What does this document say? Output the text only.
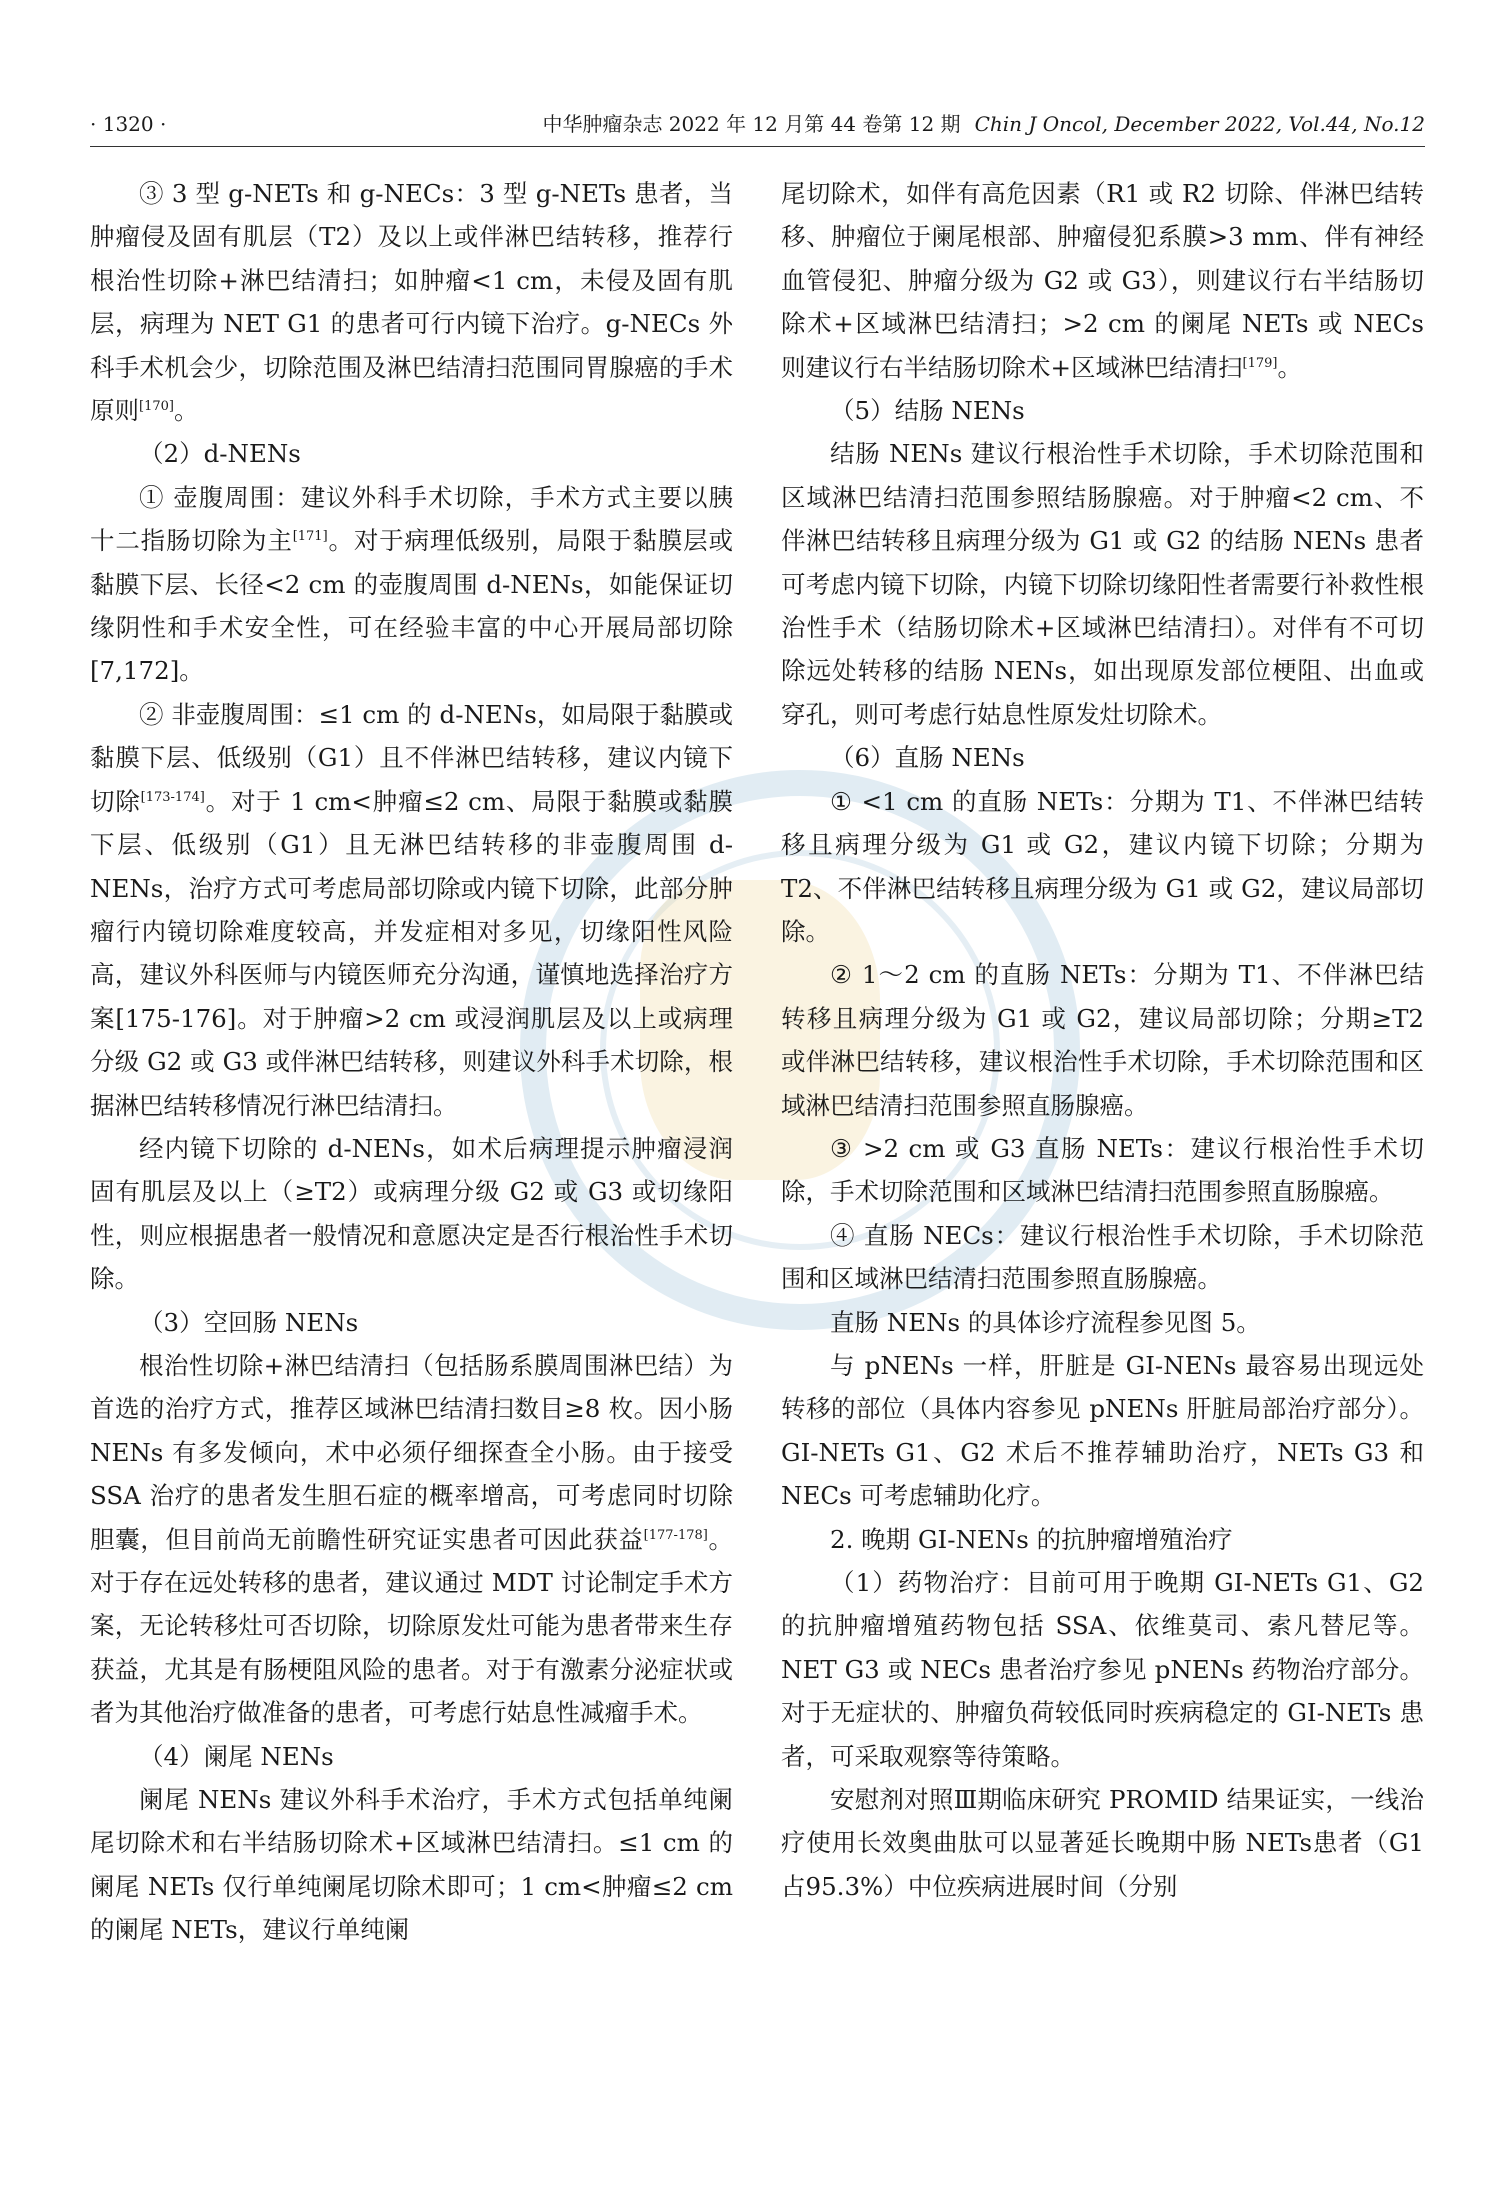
· 1320 ·	中华肿瘤杂志 2022 年 12 月第 44 卷第 12 期 Chin J Oncol, December 2022, Vol.44, No.12

③ 3 型 g-NETs 和 g-NECs：3 型 g-NETs 患者，当肿瘤侵及固有肌层（T2）及以上或伴淋巴结转移，推荐行根治性切除+淋巴结清扫；如肿瘤<1 cm，未侵及固有肌层，病理为 NET G1 的患者可行内镜下治疗。g-NECs 外科手术机会少，切除范围及淋巴结清扫范围同胃腺癌的手术原则[170]。

（2）d-NENs

① 壶腹周围：建议外科手术切除，手术方式主要以胰十二指肠切除为主[171]。对于病理低级别，局限于黏膜层或黏膜下层、长径<2 cm 的壶腹周围 d-NENs，如能保证切缘阴性和手术安全性，可在经验丰富的中心开展局部切除[7,172]。

② 非壶腹周围：≤1 cm 的 d-NENs，如局限于黏膜或黏膜下层、低级别（G1）且不伴淋巴结转移，建议内镜下切除[173-174]。对于 1 cm<肿瘤≤2 cm、局限于黏膜或黏膜下层、低级别（G1）且无淋巴结转移的非壶腹周围 d-NENs，治疗方式可考虑局部切除或内镜下切除，此部分肿瘤行内镜切除难度较高，并发症相对多见，切缘阳性风险高，建议外科医师与内镜医师充分沟通，谨慎地选择治疗方案[175-176]。对于肿瘤>2 cm 或浸润肌层及以上或病理分级 G2 或 G3 或伴淋巴结转移，则建议外科手术切除，根据淋巴结转移情况行淋巴结清扫。

经内镜下切除的 d-NENs，如术后病理提示肿瘤浸润固有肌层及以上（≥T2）或病理分级 G2 或 G3 或切缘阳性，则应根据患者一般情况和意愿决定是否行根治性手术切除。

（3）空回肠 NENs

根治性切除+淋巴结清扫（包括肠系膜周围淋巴结）为首选的治疗方式，推荐区域淋巴结清扫数目≥8 枚。因小肠 NENs 有多发倾向，术中必须仔细探查全小肠。由于接受 SSA 治疗的患者发生胆石症的概率增高，可考虑同时切除胆囊，但目前尚无前瞻性研究证实患者可因此获益[177-178]。对于存在远处转移的患者，建议通过 MDT 讨论制定手术方案，无论转移灶可否切除，切除原发灶可能为患者带来生存获益，尤其是有肠梗阻风险的患者。对于有激素分泌症状或者为其他治疗做准备的患者，可考虑行姑息性减瘤手术。

（4）阑尾 NENs

阑尾 NENs 建议外科手术治疗，手术方式包括单纯阑尾切除术和右半结肠切除术+区域淋巴结清扫。≤1 cm 的阑尾 NETs 仅行单纯阑尾切除术即可；1 cm<肿瘤≤2 cm 的阑尾 NETs，建议行单纯阑

尾切除术，如伴有高危因素（R1 或 R2 切除、伴淋巴结转移、肿瘤位于阑尾根部、肿瘤侵犯系膜>3 mm、伴有神经血管侵犯、肿瘤分级为 G2 或 G3），则建议行右半结肠切除术+区域淋巴结清扫；>2 cm 的阑尾 NETs 或 NECs 则建议行右半结肠切除术+区域淋巴结清扫[179]。

（5）结肠 NENs

结肠 NENs 建议行根治性手术切除，手术切除范围和区域淋巴结清扫范围参照结肠腺癌。对于肿瘤<2 cm、不伴淋巴结转移且病理分级为 G1 或 G2 的结肠 NENs 患者可考虑内镜下切除，内镜下切除切缘阳性者需要行补救性根治性手术（结肠切除术+区域淋巴结清扫）。对伴有不可切除远处转移的结肠 NENs，如出现原发部位梗阻、出血或穿孔，则可考虑行姑息性原发灶切除术。

（6）直肠 NENs

① <1 cm 的直肠 NETs：分期为 T1、不伴淋巴结转移且病理分级为 G1 或 G2，建议内镜下切除；分期为 T2、不伴淋巴结转移且病理分级为 G1 或 G2，建议局部切除。

② 1～2 cm 的直肠 NETs：分期为 T1、不伴淋巴结转移且病理分级为 G1 或 G2，建议局部切除；分期≥T2 或伴淋巴结转移，建议根治性手术切除，手术切除范围和区域淋巴结清扫范围参照直肠腺癌。

③ >2 cm 或 G3 直肠 NETs：建议行根治性手术切除，手术切除范围和区域淋巴结清扫范围参照直肠腺癌。

④ 直肠 NECs：建议行根治性手术切除，手术切除范围和区域淋巴结清扫范围参照直肠腺癌。

直肠 NENs 的具体诊疗流程参见图 5。

与 pNENs 一样，肝脏是 GI-NENs 最容易出现远处转移的部位（具体内容参见 pNENs 肝脏局部治疗部分）。GI-NETs G1、G2 术后不推荐辅助治疗，NETs G3 和 NECs 可考虑辅助化疗。

2. 晚期 GI-NENs 的抗肿瘤增殖治疗

（1）药物治疗：目前可用于晚期 GI-NETs G1、G2 的抗肿瘤增殖药物包括 SSA、依维莫司、索凡替尼等。NET G3 或 NECs 患者治疗参见 pNENs 药物治疗部分。对于无症状的、肿瘤负荷较低同时疾病稳定的 GI-NETs 患者，可采取观察等待策略。

安慰剂对照Ⅲ期临床研究 PROMID 结果证实，一线治疗使用长效奥曲肽可以显著延长晚期中肠 NETs患者（G1占95.3%）中位疾病进展时间（分别
